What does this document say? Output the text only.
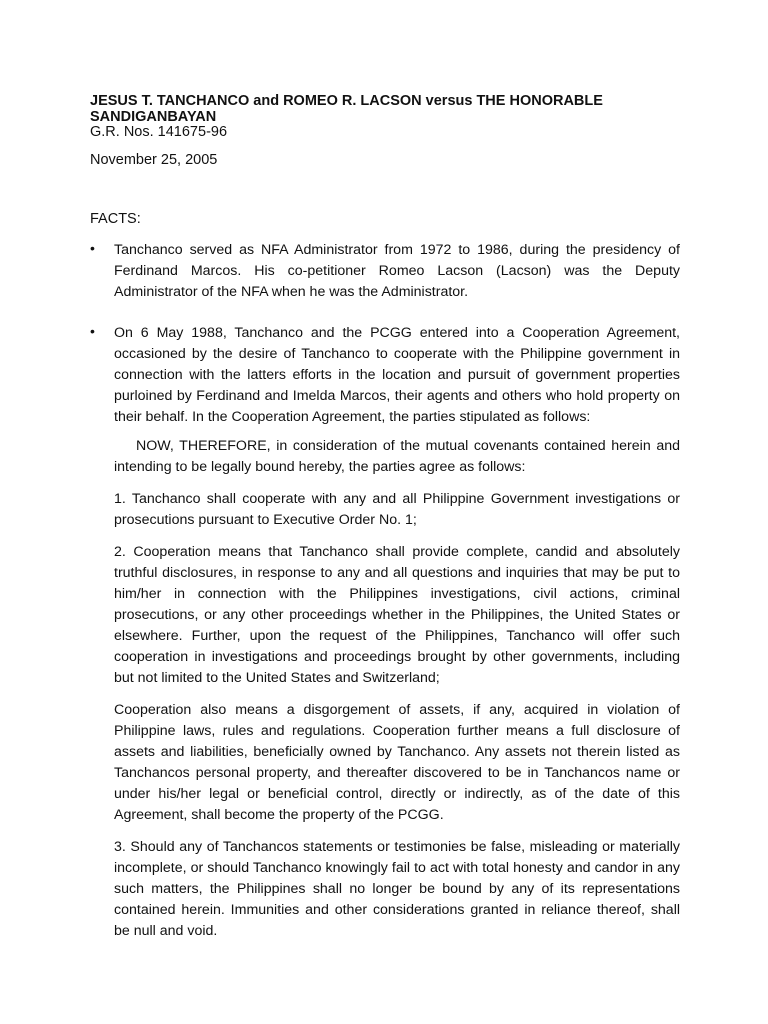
JESUS T. TANCHANCO and ROMEO R. LACSON versus THE HONORABLE SANDIGANBAYAN
G.R. Nos. 141675-96
November 25, 2005
FACTS:
• Tanchanco served as NFA Administrator from 1972 to 1986, during the presidency of Ferdinand Marcos. His co-petitioner Romeo Lacson (Lacson) was the Deputy Administrator of the NFA when he was the Administrator.

• On 6 May 1988, Tanchanco and the PCGG entered into a Cooperation Agreement, occasioned by the desire of Tanchanco to cooperate with the Philippine government in connection with the latters efforts in the location and pursuit of government properties purloined by Ferdinand and Imelda Marcos, their agents and others who hold property on their behalf. In the Cooperation Agreement, the parties stipulated as follows:

NOW, THEREFORE, in consideration of the mutual covenants contained herein and intending to be legally bound hereby, the parties agree as follows:

1. Tanchanco shall cooperate with any and all Philippine Government investigations or prosecutions pursuant to Executive Order No. 1;

2. Cooperation means that Tanchanco shall provide complete, candid and absolutely truthful disclosures, in response to any and all questions and inquiries that may be put to him/her in connection with the Philippines investigations, civil actions, criminal prosecutions, or any other proceedings whether in the Philippines, the United States or elsewhere. Further, upon the request of the Philippines, Tanchanco will offer such cooperation in investigations and proceedings brought by other governments, including but not limited to the United States and Switzerland;

Cooperation also means a disgorgement of assets, if any, acquired in violation of Philippine laws, rules and regulations. Cooperation further means a full disclosure of assets and liabilities, beneficially owned by Tanchanco. Any assets not therein listed as Tanchancos personal property, and thereafter discovered to be in Tanchancos name or under his/her legal or beneficial control, directly or indirectly, as of the date of this Agreement, shall become the property of the PCGG.

3. Should any of Tanchancos statements or testimonies be false, misleading or materially incomplete, or should Tanchanco knowingly fail to act with total honesty and candor in any such matters, the Philippines shall no longer be bound by any of its representations contained herein. Immunities and other considerations granted in reliance thereof, shall be null and void.
